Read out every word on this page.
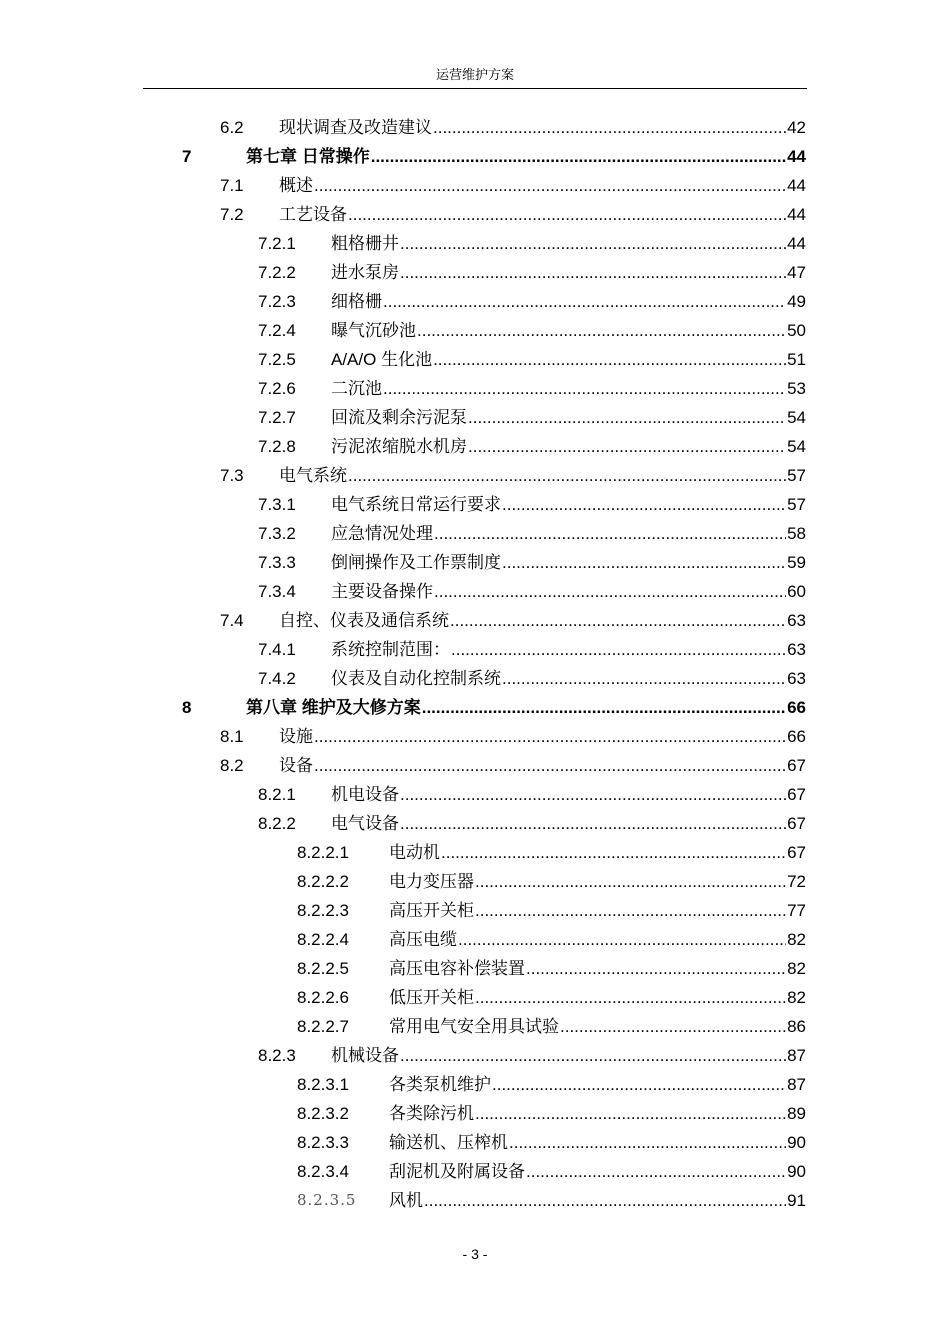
运营维护方案
6.2 现状调查及改造建议 .....	42
7	第七章 日常操作 .....	44
7.1 概述 .....	44
7.2 工艺设备 .....	44
7.2.1 粗格栅井 .....	44
7.2.2 进水泵房 .....	47
7.2.3 细格栅 .....	49
7.2.4 曝气沉砂池 .....	50
7.2.5 A/A/O 生化池 .....	51
7.2.6 二沉池 .....	53
7.2.7 回流及剩余污泥泵 .....	54
7.2.8 污泥浓缩脱水机房 .....	54
7.3 电气系统 .....	57
7.3.1 电气系统日常运行要求 .....	57
7.3.2 应急情况处理 .....	58
7.3.3 倒闸操作及工作票制度 .....	59
7.3.4 主要设备操作 .....	60
7.4 自控、仪表及通信系统 .....	63
7.4.1 系统控制范围： .....	63
7.4.2 仪表及自动化控制系统 .....	63
8	第八章 维护及大修方案 .....	66
8.1 设施 .....	66
8.2 设备 .....	67
8.2.1 机电设备 .....	67
8.2.2 电气设备 .....	67
8.2.2.1 电动机 .....	67
8.2.2.2 电力变压器 .....	72
8.2.2.3 高压开关柜 .....	77
8.2.2.4 高压电缆 .....	82
8.2.2.5 高压电容补偿装置 .....	82
8.2.2.6 低压开关柜 .....	82
8.2.2.7 常用电气安全用具试验 .....	86
8.2.3 机械设备 .....	87
8.2.3.1 各类泵机维护 .....	87
8.2.3.2 各类除污机 .....	89
8.2.3.3 输送机、压榨机 .....	90
8.2.3.4 刮泥机及附属设备 .....	90
8.2.3.5 风机 .....	91
- 3 -
